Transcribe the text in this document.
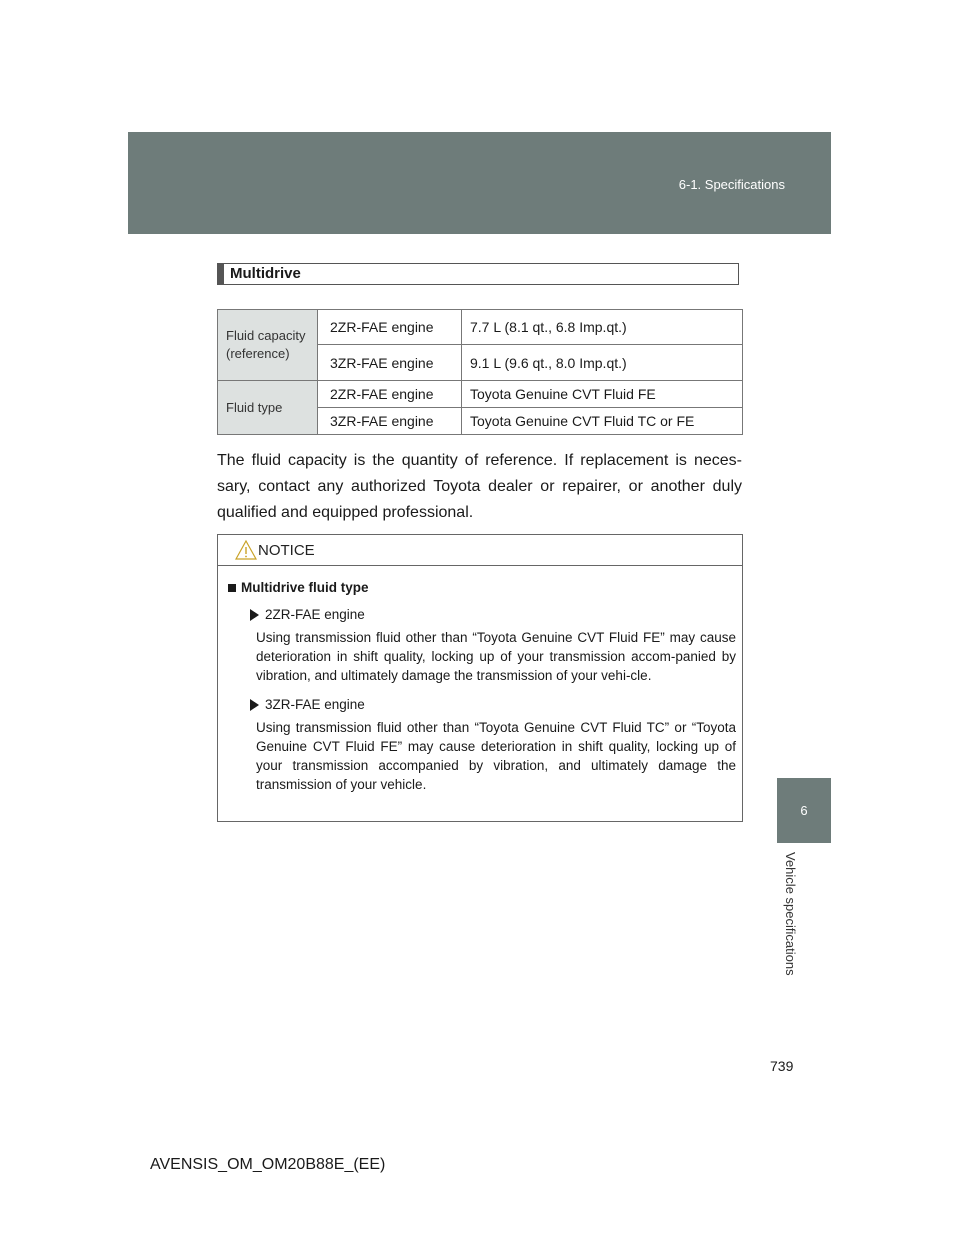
6-1. Specifications
6
Vehicle specifications
Multidrive
Fluid capacity (reference)	2ZR-FAE engine	7.7 L (8.1 qt., 6.8 Imp.qt.)
	3ZR-FAE engine	9.1 L (9.6 qt., 8.0 Imp.qt.)
Fluid type	2ZR-FAE engine	Toyota Genuine CVT Fluid FE
	3ZR-FAE engine	Toyota Genuine CVT Fluid TC or FE
The fluid capacity is the quantity of reference. If replacement is neces-sary, contact any authorized Toyota dealer or repairer, or another duly qualified and equipped professional.
NOTICE
Multidrive fluid type
2ZR-FAE engine
Using transmission fluid other than “Toyota Genuine CVT Fluid FE” may cause deterioration in shift quality, locking up of your transmission accom-panied by vibration, and ultimately damage the transmission of your vehi-cle.
3ZR-FAE engine
Using transmission fluid other than “Toyota Genuine CVT Fluid TC” or “Toyota Genuine CVT Fluid FE” may cause deterioration in shift quality, locking up of your transmission accompanied by vibration, and ultimately damage the transmission of your vehicle.
739
AVENSIS_OM_OM20B88E_(EE)
